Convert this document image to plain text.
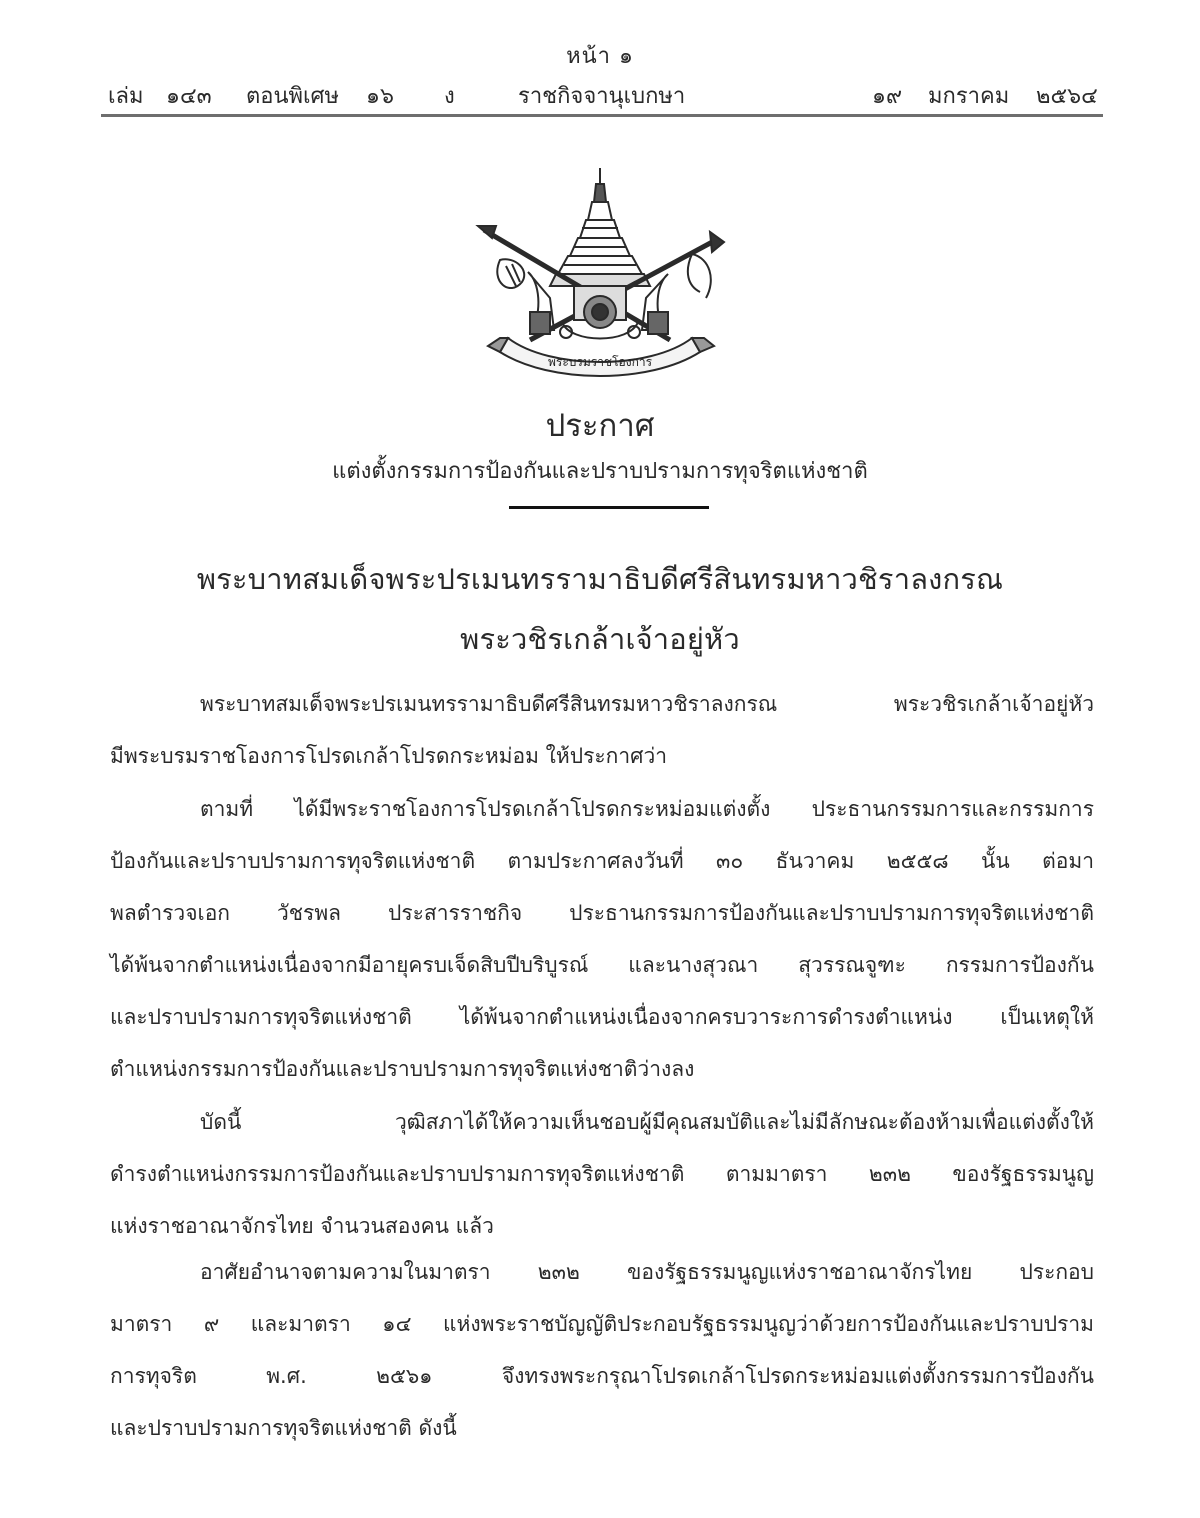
หน้า ๑
เล่ม ๑๔๓ ตอนพิเศษ ๑๖ ง	ราชกิจจานุเบกษา	๑๙ มกราคม ๒๕๖๔
พระบรมราชโองการ
ประกาศ
แต่งตั้งกรรมการป้องกันและปราบปรามการทุจริตแห่งชาติ
พระบาทสมเด็จพระปรเมนทรรามาธิบดีศรีสินทรมหาวชิราลงกรณ
พระวชิรเกล้าเจ้าอยู่หัว
พระบาทสมเด็จพระปรเมนทรรามาธิบดีศรีสินทรมหาวชิราลงกรณ พระวชิรเกล้าเจ้าอยู่หัว
มีพระบรมราชโองการโปรดเกล้าโปรดกระหม่อม ให้ประกาศว่า
ตามที่ ได้มีพระราชโองการโปรดเกล้าโปรดกระหม่อมแต่งตั้ง ประธานกรรมการและกรรมการ
ป้องกันและปราบปรามการทุจริตแห่งชาติ ตามประกาศลงวันที่ ๓๐ ธันวาคม ๒๕๕๘ นั้น ต่อมา
พลตำรวจเอก วัชรพล ประสารราชกิจ ประธานกรรมการป้องกันและปราบปรามการทุจริตแห่งชาติ
ได้พ้นจากตำแหน่งเนื่องจากมีอายุครบเจ็ดสิบปีบริบูรณ์ และนางสุวณา สุวรรณจูฑะ กรรมการป้องกัน
และปราบปรามการทุจริตแห่งชาติ ได้พ้นจากตำแหน่งเนื่องจากครบวาระการดำรงตำแหน่ง เป็นเหตุให้
ตำแหน่งกรรมการป้องกันและปราบปรามการทุจริตแห่งชาติว่างลง
บัดนี้ วุฒิสภาได้ให้ความเห็นชอบผู้มีคุณสมบัติและไม่มีลักษณะต้องห้ามเพื่อแต่งตั้งให้
ดำรงตำแหน่งกรรมการป้องกันและปราบปรามการทุจริตแห่งชาติ ตามมาตรา ๒๓๒ ของรัฐธรรมนูญ
แห่งราชอาณาจักรไทย จำนวนสองคน แล้ว
อาศัยอำนาจตามความในมาตรา ๒๓๒ ของรัฐธรรมนูญแห่งราชอาณาจักรไทย ประกอบ
มาตรา ๙ และมาตรา ๑๔ แห่งพระราชบัญญัติประกอบรัฐธรรมนูญว่าด้วยการป้องกันและปราบปราม
การทุจริต พ.ศ. ๒๕๖๑ จึงทรงพระกรุณาโปรดเกล้าโปรดกระหม่อมแต่งตั้งกรรมการป้องกัน
และปราบปรามการทุจริตแห่งชาติ ดังนี้
